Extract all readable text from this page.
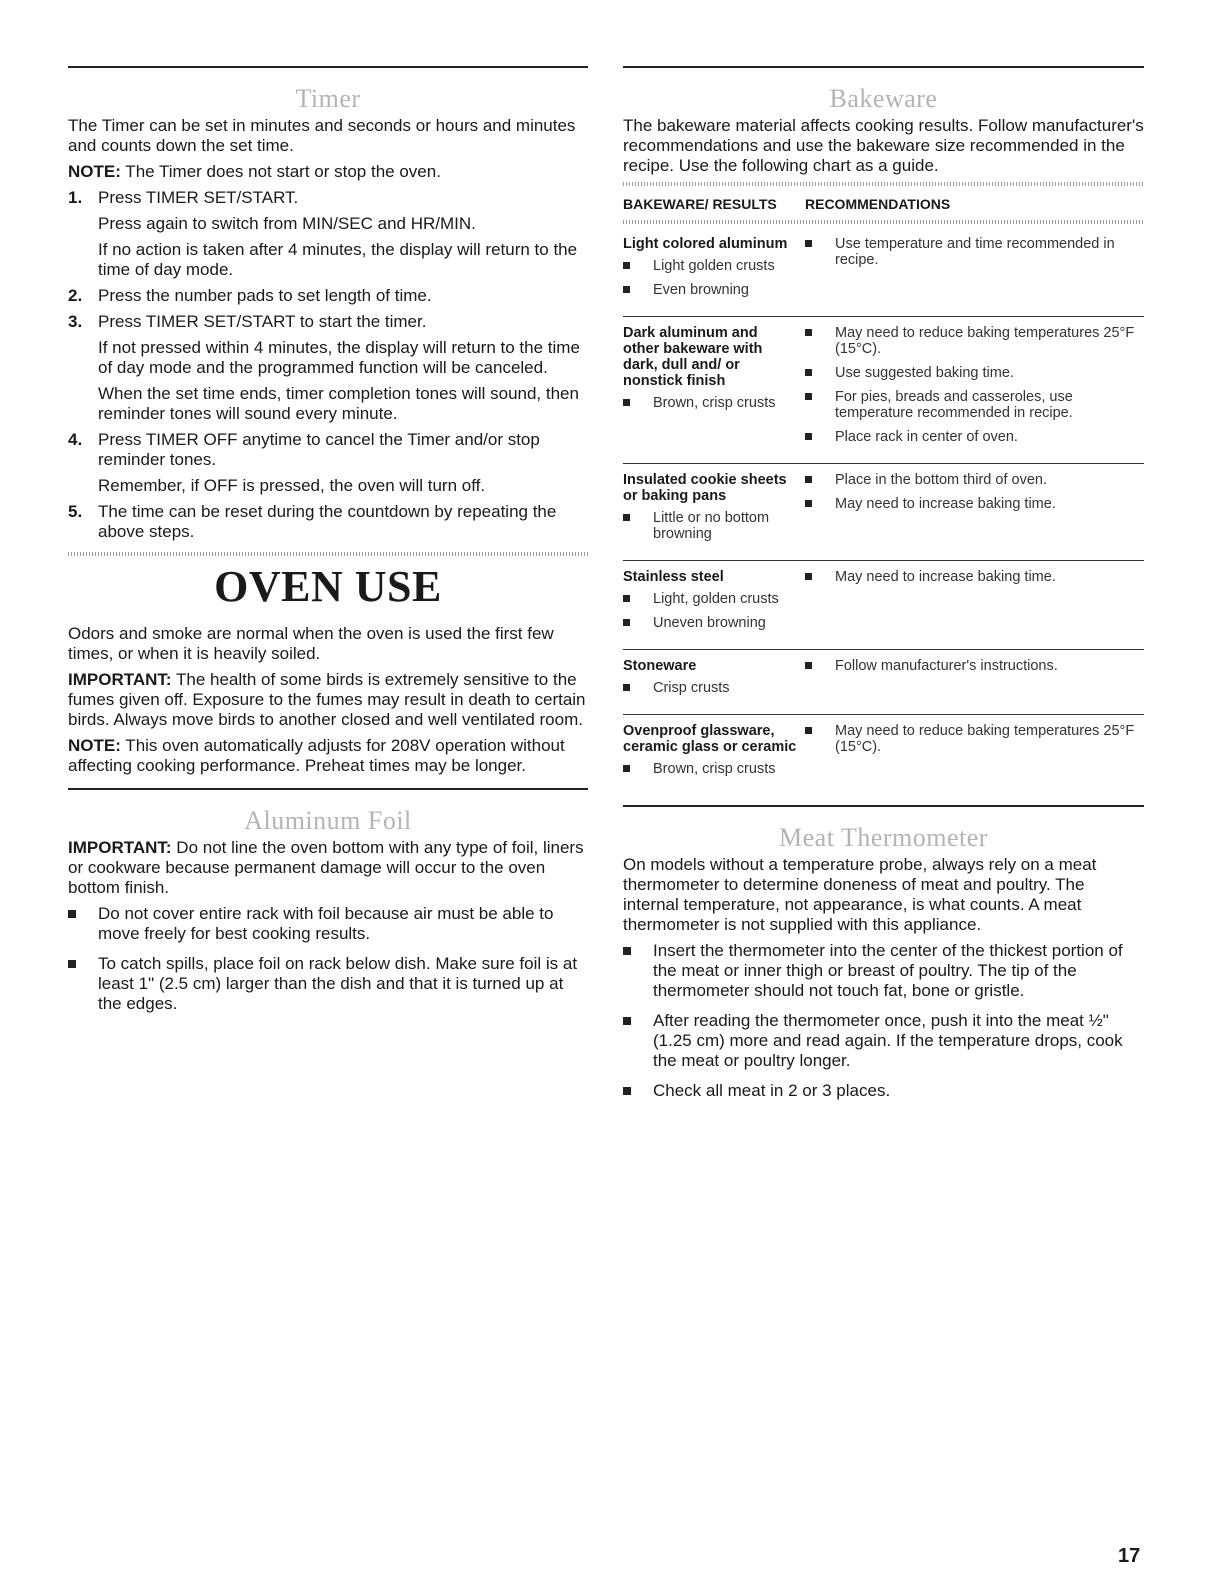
Timer

The Timer can be set in minutes and seconds or hours and minutes and counts down the set time.

NOTE: The Timer does not start or stop the oven.

1. Press TIMER SET/START.
Press again to switch from MIN/SEC and HR/MIN.
If no action is taken after 4 minutes, the display will return to the time of day mode.
2. Press the number pads to set length of time.
3. Press TIMER SET/START to start the timer.
If not pressed within 4 minutes, the display will return to the time of day mode and the programmed function will be canceled.
When the set time ends, timer completion tones will sound, then reminder tones will sound every minute.
4. Press TIMER OFF anytime to cancel the Timer and/or stop reminder tones.
Remember, if OFF is pressed, the oven will turn off.
5. The time can be reset during the countdown by repeating the above steps.
OVEN USE

Odors and smoke are normal when the oven is used the first few times, or when it is heavily soiled.

IMPORTANT: The health of some birds is extremely sensitive to the fumes given off. Exposure to the fumes may result in death to certain birds. Always move birds to another closed and well ventilated room.

NOTE: This oven automatically adjusts for 208V operation without affecting cooking performance. Preheat times may be longer.

Aluminum Foil

IMPORTANT: Do not line the oven bottom with any type of foil, liners or cookware because permanent damage will occur to the oven bottom finish.

Do not cover entire rack with foil because air must be able to move freely for best cooking results.
To catch spills, place foil on rack below dish. Make sure foil is at least 1" (2.5 cm) larger than the dish and that it is turned up at the edges.
Bakeware

The bakeware material affects cooking results. Follow manufacturer's recommendations and use the bakeware size recommended in the recipe. Use the following chart as a guide.

BAKEWARE/ RESULTS	RECOMMENDATIONS
Light colored aluminum
Light golden crusts
Even browning
Use temperature and time recommended in recipe.
Dark aluminum and other bakeware with dark, dull and/ or nonstick finish
Brown, crisp crusts
May need to reduce baking temperatures 25°F (15°C).
Use suggested baking time.
For pies, breads and casseroles, use temperature recommended in recipe.
Place rack in center of oven.
Insulated cookie sheets or baking pans
Little or no bottom browning
Place in the bottom third of oven.
May need to increase baking time.
Stainless steel
Light, golden crusts
Uneven browning
May need to increase baking time.
Stoneware
Crisp crusts
Follow manufacturer's instructions.
Ovenproof glassware, ceramic glass or ceramic
Brown, crisp crusts
May need to reduce baking temperatures 25°F (15°C).
Meat Thermometer

On models without a temperature probe, always rely on a meat thermometer to determine doneness of meat and poultry. The internal temperature, not appearance, is what counts. A meat thermometer is not supplied with this appliance.

Insert the thermometer into the center of the thickest portion of the meat or inner thigh or breast of poultry. The tip of the thermometer should not touch fat, bone or gristle.
After reading the thermometer once, push it into the meat ½" (1.25 cm) more and read again. If the temperature drops, cook the meat or poultry longer.
Check all meat in 2 or 3 places.
17
